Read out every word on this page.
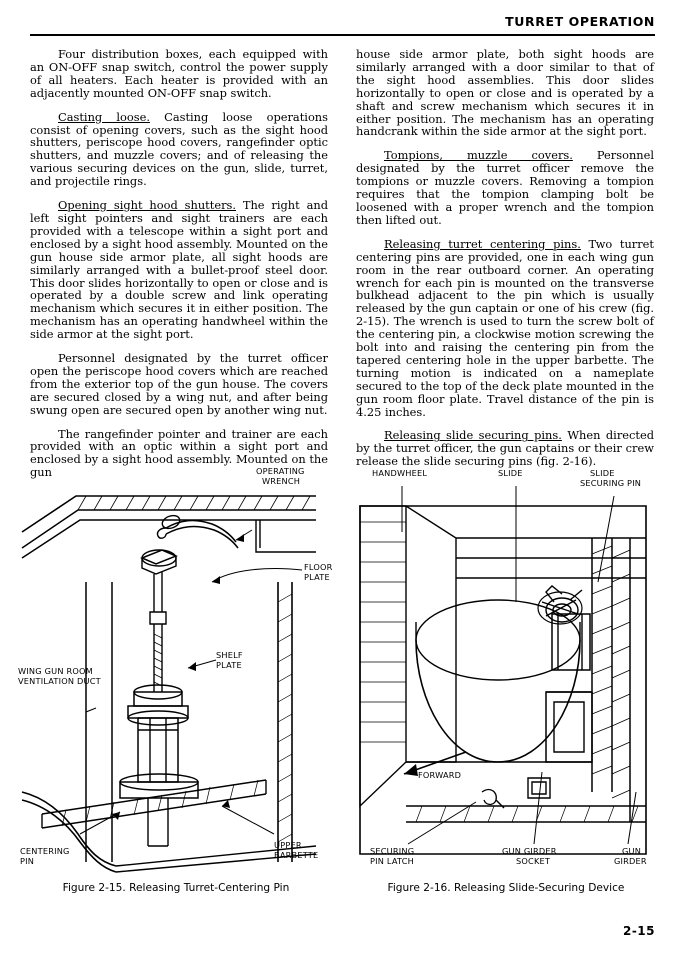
TURRET OPERATION

Four distribution boxes, each equipped with an ON-OFF snap switch, control the power supply of all heaters. Each heater is provided with an adjacently mounted ON-OFF snap switch.

Casting loose. Casting loose operations consist of opening covers, such as the sight hood shutters, periscope hood covers, rangefinder optic shutters, and muzzle covers; and of releasing the various securing devices on the gun, slide, turret, and projectile rings.

Opening sight hood shutters. The right and left sight pointers and sight trainers are each provided with a telescope within a sight port and enclosed by a sight hood assembly. Mounted on the gun house side armor plate, all sight hoods are similarly arranged with a bullet-proof steel door. This door slides horizontally to open or close and is operated by a double screw and link operating mechanism which secures it in either position. The mechanism has an operating handwheel within the side armor at the sight port.

Personnel designated by the turret officer open the periscope hood covers which are reached from the exterior top of the gun house. The covers are secured closed by a wing nut, and after being swung open are secured open by another wing nut.

The rangefinder pointer and trainer are each provided with an optic within a sight port and enclosed by a sight hood assembly. Mounted on the gun

house side armor plate, both sight hoods are similarly arranged with a door similar to that of the sight hood assemblies. This door slides horizontally to open or close and is operated by a shaft and screw mechanism which secures it in either position. The mechanism has an operating handcrank within the side armor at the sight port.

Tompions, muzzle covers. Personnel designated by the turret officer remove the tompions or muzzle covers. Removing a tompion requires that the tompion clamping bolt be loosened with a proper wrench and the tompion then lifted out.

Releasing turret centering pins. Two turret centering pins are provided, one in each wing gun room in the rear outboard corner. An operating wrench for each pin is mounted on the transverse bulkhead adjacent to the pin which is usually released by the gun captain or one of his crew (fig. 2-15). The wrench is used to turn the screw bolt of the centering pin, a clockwise motion screwing the bolt into and raising the centering pin from the tapered centering hole in the upper barbette. The turning motion is indicated on a nameplate secured to the top of the deck plate mounted in the gun room floor plate. Travel distance of the pin is 4.25 inches.

Releasing slide securing pins. When directed by the turret officer, the gun captains or their crew release the slide securing pins (fig. 2-16).

OPERATING
WRENCH
FLOOR
PLATE
SHELF
PLATE
WING GUN ROOM
VENTILATION DUCT
CENTERING
PIN
UPPER
BARBETTE
Figure 2-15. Releasing Turret-Centering Pin
HANDWHEEL	SLIDE	SLIDE
SECURING PIN
FORWARD
SECURING
PIN LATCH
GUN GIRDER
SOCKET
GUN
GIRDER
Figure 2-16. Releasing Slide-Securing Device
2-15
